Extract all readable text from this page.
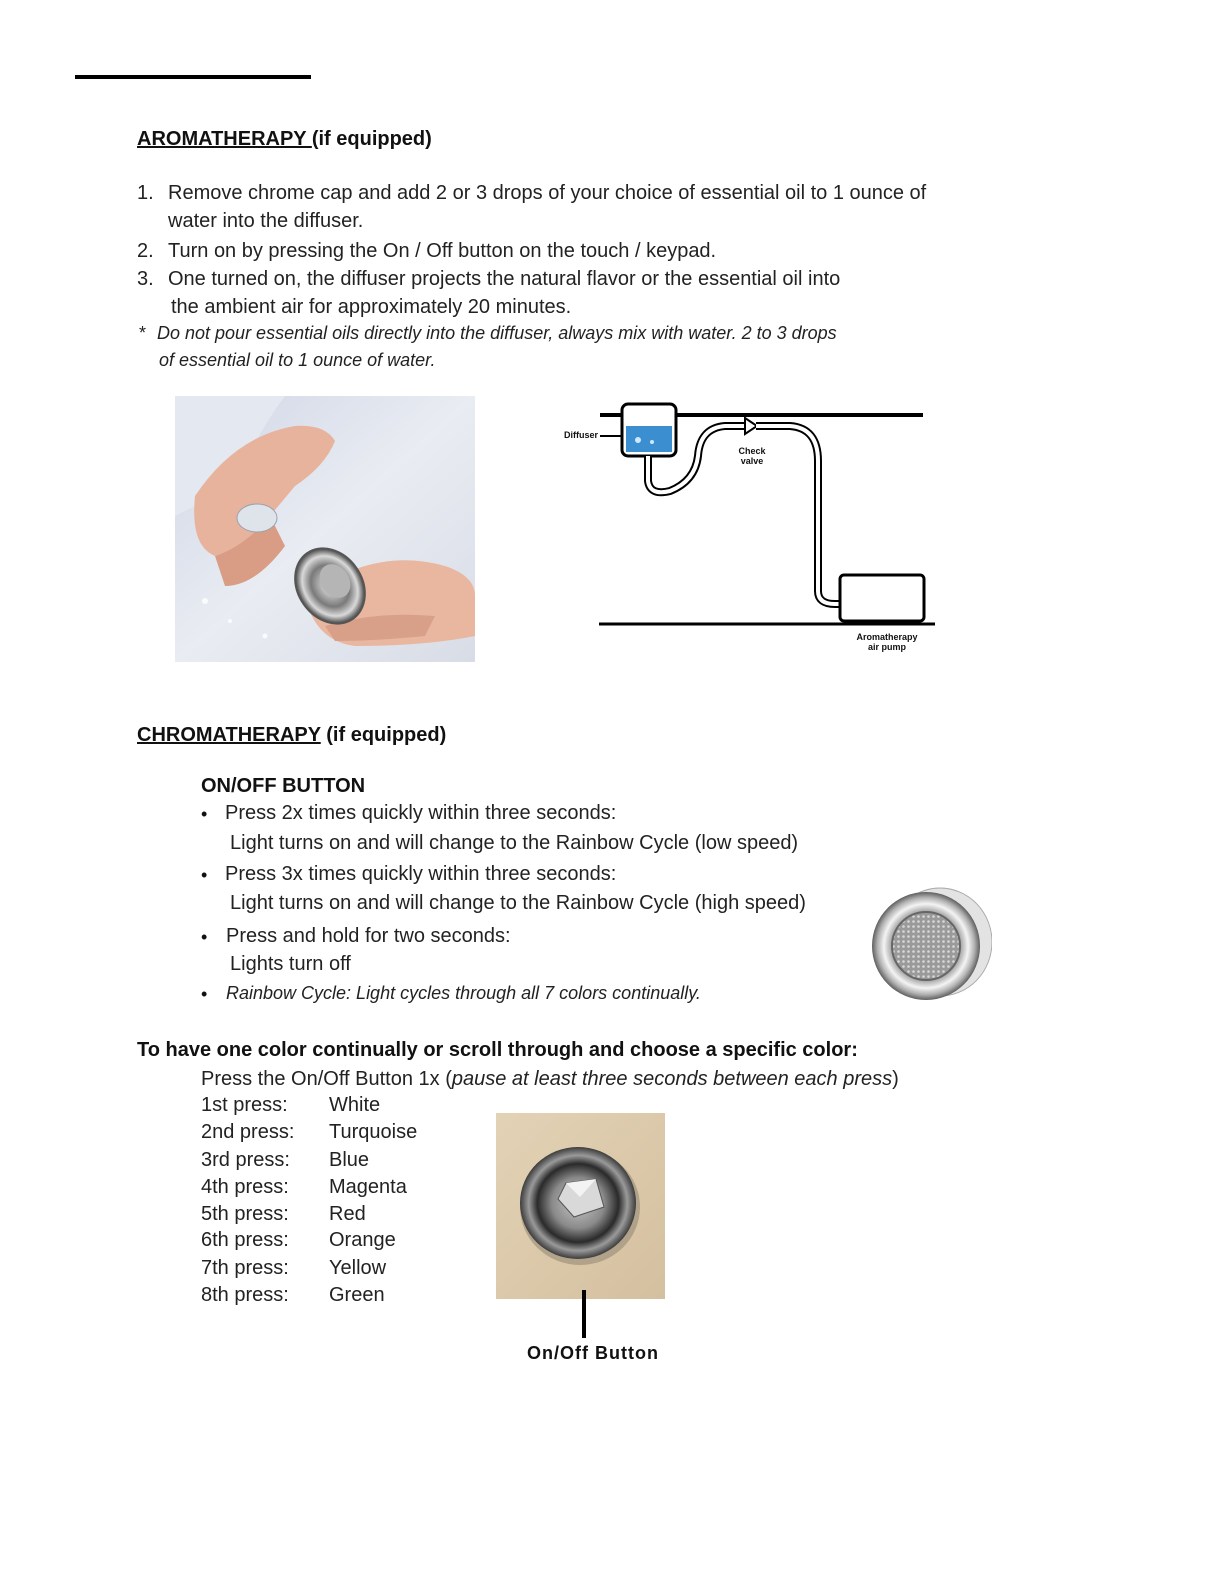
AROMATHERAPY (if equipped)
1. Remove chrome cap and add 2 or 3 drops of your choice of essential oil to 1 ounce of
water into the diffuser.
2. Turn on by pressing the On / Off button on the touch / keypad.
3. One turned on, the diffuser projects the natural flavor or the essential oil into
the ambient air for approximately 20 minutes.
* Do not pour essential oils directly into the diffuser, always mix with water. 2 to 3 drops
of essential oil to 1 ounce of water.
Diffuser
Check
valve
Aromatherapy
air pump
CHROMATHERAPY (if equipped)
ON/OFF BUTTON
• Press 2x times quickly within three seconds:
Light turns on and will change to the Rainbow Cycle (low speed)
• Press 3x times quickly within three seconds:
Light turns on and will change to the Rainbow Cycle (high speed)
• Press and hold for two seconds:
Lights turn off
• Rainbow Cycle: Light cycles through all 7 colors continually.
To have one color continually or scroll through and choose a specific color:
Press the On/Off Button 1x (pause at least three seconds between each press)
1st press:	White
2nd press:	Turquoise
3rd press:	Blue
4th press:	Magenta
5th press:	Red
6th press:	Orange
7th press:	Yellow
8th press:	Green
On/Off Button
